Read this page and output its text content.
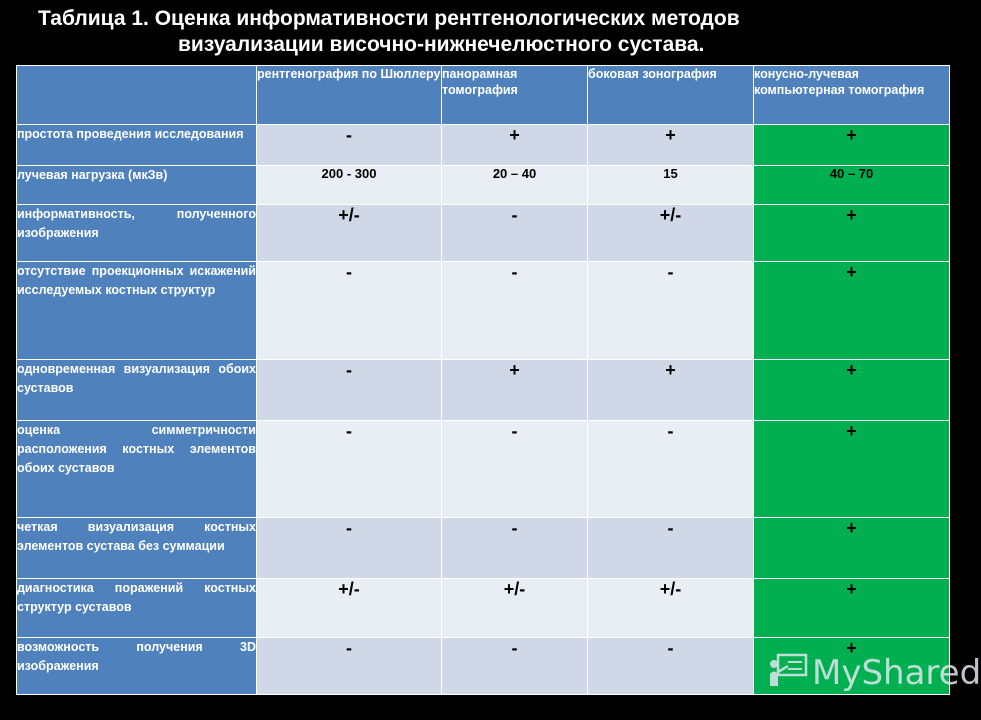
Таблица 1. Оценка информативности рентгенологических методов
визуализации височно-нижнечелюстного сустава.
	рентгенография по Шюллеру	панорамная томография	боковая зонография	конусно-лучевая компьютерная томография
простота проведения исследования	-	+	+	+
лучевая нагрузка (мкЗв)	200 - 300	20 – 40	15	40 – 70
информативность, полученного изображения	+/-	-	+/-	+
отсутствие проекционных искажений исследуемых костных структур	-	-	-	+
одновременная визуализация обоих суставов	-	+	+	+
оценка симметричности расположения костных элементов обоих суставов	-	-	-	+
четкая визуализация костных элементов сустава без суммации	-	-	-	+
диагностика поражений костных структур суставов	+/-	+/-	+/-	+
возможность получения 3D изображения	-	-	-	+
MyShared
